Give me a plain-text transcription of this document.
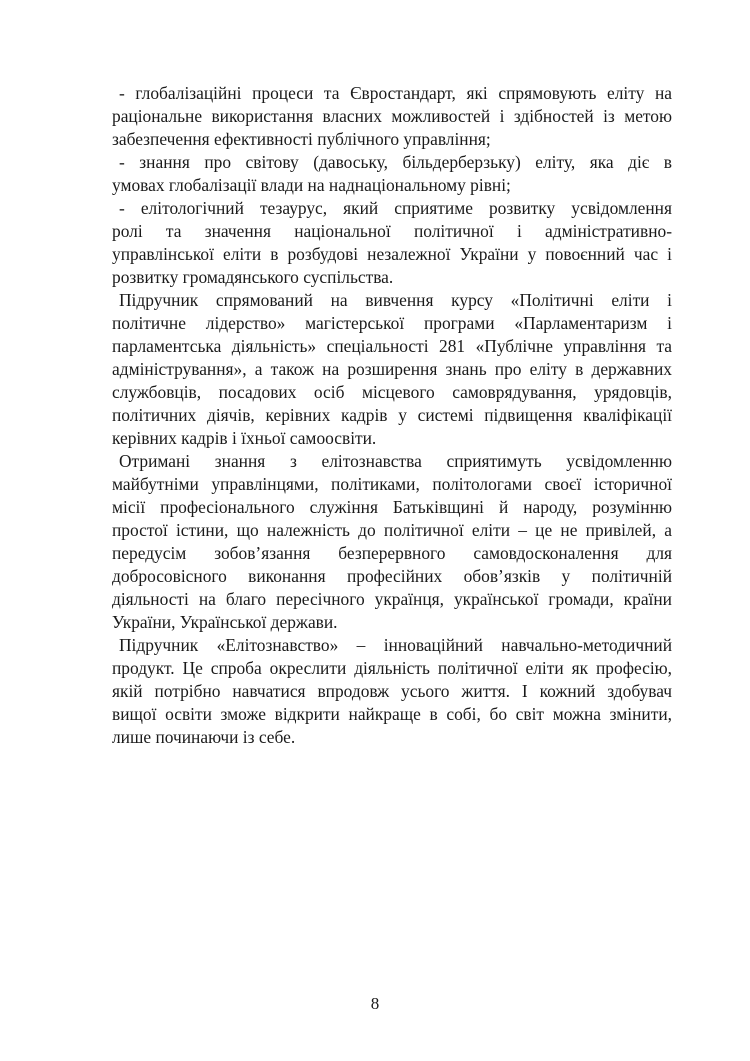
- глобалізаційні процеси та Євростандарт, які спрямовують еліту на
раціональне використання власних можливостей і здібностей із метою
забезпечення ефективності публічного управління;
- знання про світову (давоську, більдерберзьку) еліту, яка діє в
умовах глобалізації влади на наднаціональному рівні;
- елітологічний тезаурус, який сприятиме розвитку усвідомлення
ролі та значення національної політичної і адміністративно-
управлінської еліти в розбудові незалежної України у повоєнний час і
розвитку громадянського суспільства.
Підручник спрямований на вивчення курсу «Політичні еліти і
політичне лідерство» магістерської програми «Парламентаризм і
парламентська діяльність» спеціальності 281 «Публічне управління та
адміністрування», а також на розширення знань про еліту в державних
службовців, посадових осіб місцевого самоврядування, урядовців,
політичних діячів, керівних кадрів у системі підвищення кваліфікації
керівних кадрів і їхньої самоосвіти.
Отримані знання з елітознавства сприятимуть усвідомленню
майбутніми управлінцями, політиками, політологами своєї історичної
місії професіонального служіння Батьківщині й народу, розумінню
простої істини, що належність до політичної еліти – це не привілей, а
передусім зобов’язання безперервного самовдосконалення для
добросовісного виконання професійних обов’язків у політичній
діяльності на благо пересічного українця, української громади, країни
України, Української держави.
Підручник «Елітознавство» – інноваційний навчально-методичний
продукт. Це спроба окреслити діяльність політичної еліти як професію,
якій потрібно навчатися впродовж усього життя. І кожний здобувач
вищої освіти зможе відкрити найкраще в собі, бо світ можна змінити,
лише починаючи із себе.
8
